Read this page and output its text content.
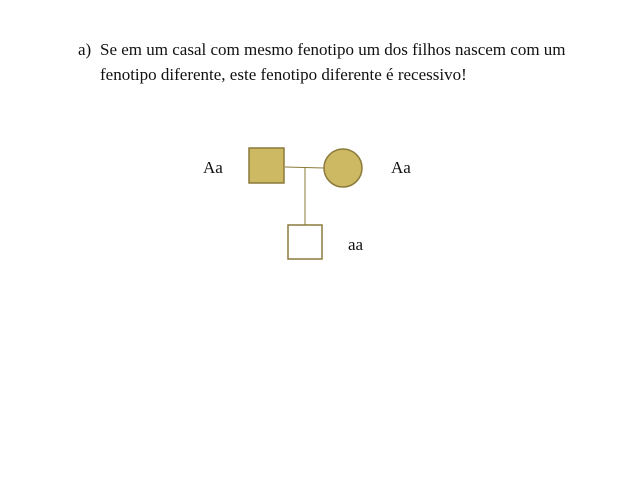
a) Se em um casal com mesmo fenotipo um dos filhos nascem com um fenotipo diferente, este fenotipo diferente é recessivo!
Aa	Aa
aa
